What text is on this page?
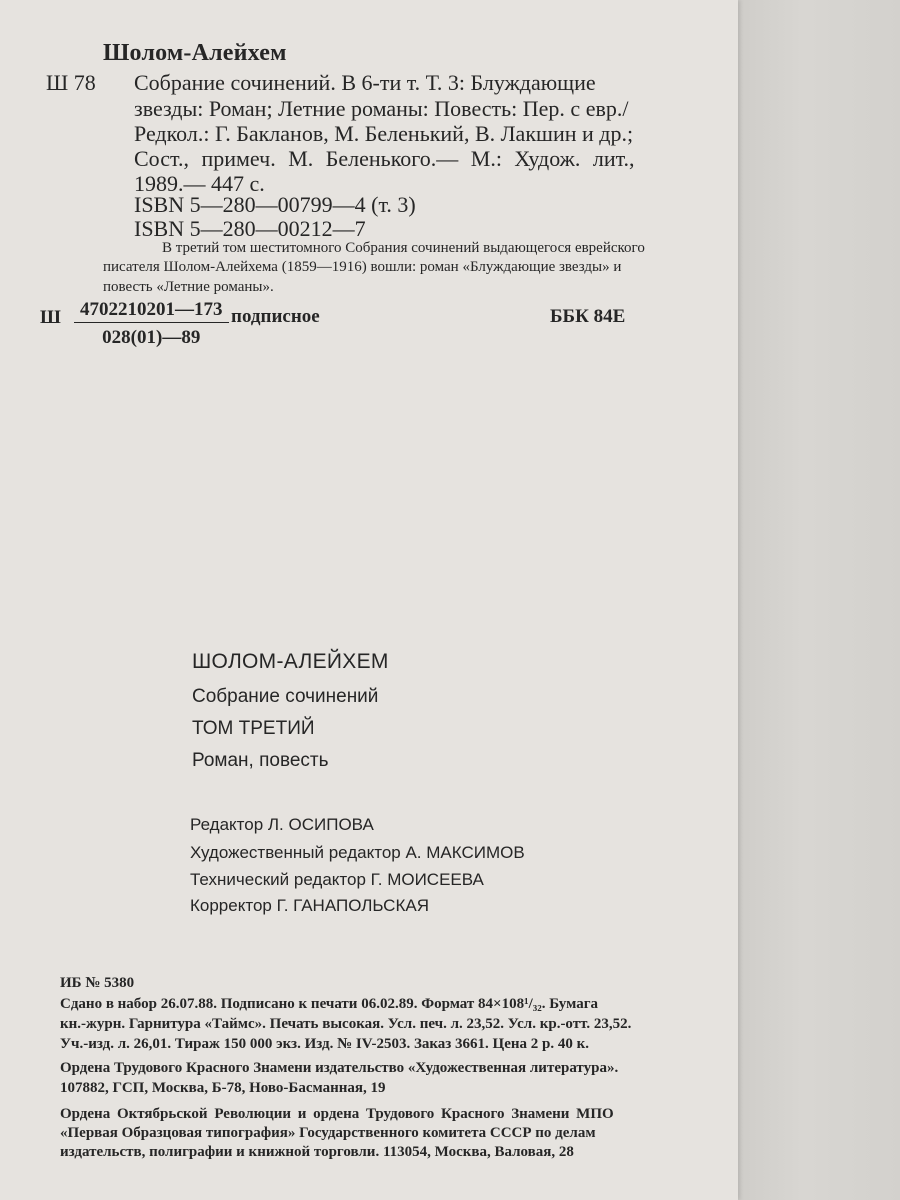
Шолом-Алейхем
Ш 78 Собрание сочинений. В 6-ти т. Т. 3: Блуждающие
звезды: Роман; Летние романы: Повесть: Пер. с евр./
Редкол.: Г. Бакланов, М. Беленький, В. Лакшин и др.;
Сост., примеч. М. Беленького.— М.: Худож. лит.,
1989.— 447 с.
ISBN 5—280—00799—4 (т. 3)
ISBN 5—280—00212—7
В третий том шеститомного Собрания сочинений выдающегося еврейского
писателя Шолом-Алейхема (1859—1916) вошли: роман «Блуждающие звезды» и
повесть «Летние романы».
Ш $\frac{4702210201—173}{028(01)—89}$ подписное	ББК 84Е
ШОЛОМ-АЛЕЙХЕМ
Собрание сочинений
ТОМ ТРЕТИЙ
Роман, повесть
Редактор Л. ОСИПОВА
Художественный редактор А. МАКСИМОВ
Технический редактор Г. МОИСЕЕВА
Корректор Г. ГАНАПОЛЬСКАЯ
ИБ № 5380
Сдано в набор 26.07.88. Подписано к печати 06.02.89. Формат 84×108¹/₃₂. Бумага
кн.-журн. Гарнитура «Таймс». Печать высокая. Усл. печ. л. 23,52. Усл. кр.-отт. 23,52.
Уч.-изд. л. 26,01. Тираж 150 000 экз. Изд. № IV-2503. Заказ 3661. Цена 2 р. 40 к.
Ордена Трудового Красного Знамени издательство «Художественная литература».
107882, ГСП, Москва, Б-78, Ново-Басманная, 19
Ордена Октябрьской Революции и ордена Трудового Красного Знамени МПО
«Первая Образцовая типография» Государственного комитета СССР по делам
издательств, полиграфии и книжной торговли. 113054, Москва, Валовая, 28
